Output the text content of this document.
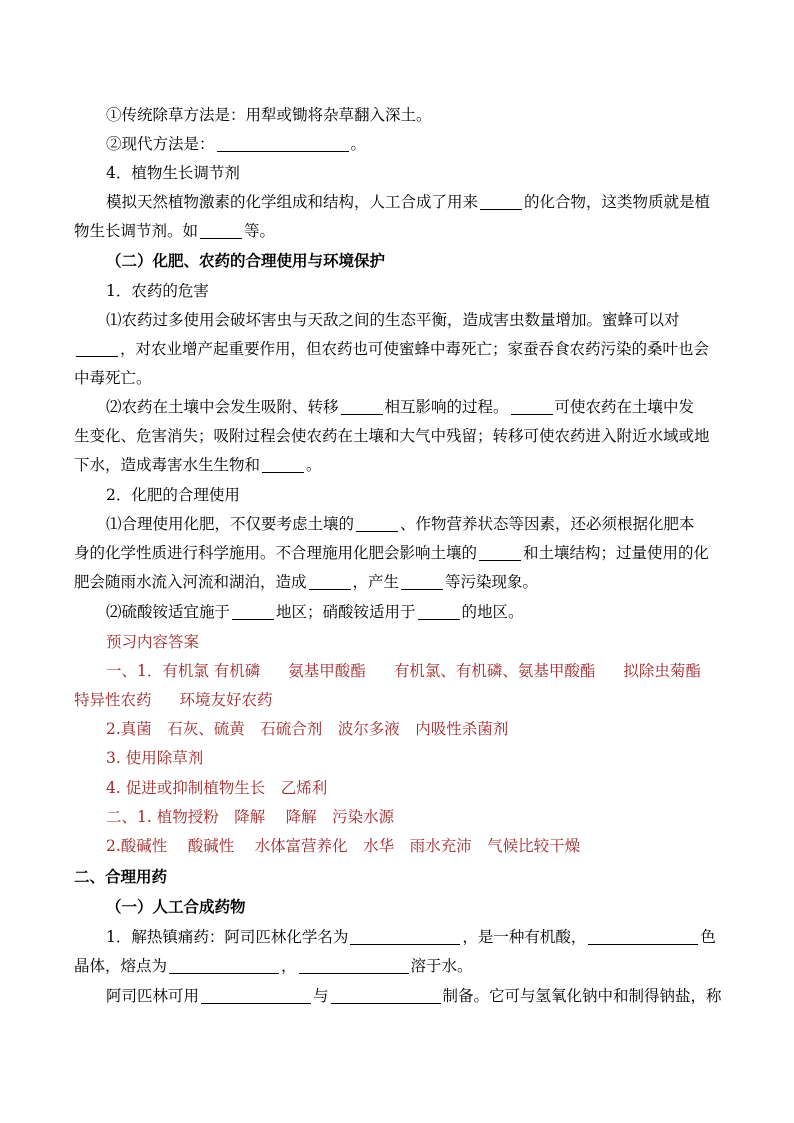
①传统除草方法是：用犁或锄将杂草翻入深土。
②现代方法是：	。
4．植物生长调节剂
模拟天然植物激素的化学组成和结构，人工合成了用来	的化合物，这类物质就是植
物生长调节剂。如	等。
（二）化肥、农药的合理使用与环境保护
1．农药的危害
⑴农药过多使用会破坏害虫与天敌之间的生态平衡，造成害虫数量增加。蜜蜂可以对
，对农业增产起重要作用，但农药也可使蜜蜂中毒死亡；家蚕吞食农药污染的桑叶也会
中毒死亡。
⑵农药在土壤中会发生吸附、转移	相互影响的过程。	可使农药在土壤中发
生变化、危害消失；吸附过程会使农药在土壤和大气中残留；转移可使农药进入附近水域或地
下水，造成毒害水生生物和	。
2．化肥的合理使用
⑴合理使用化肥，不仅要考虑土壤的	、作物营养状态等因素，还必须根据化肥本
身的化学性质进行科学施用。不合理施用化肥会影响土壤的	和土壤结构；过量使用的化
肥会随雨水流入河流和湖泊，造成	，产生	等污染现象。
⑵硫酸铵适宜施于	地区；硝酸铵适用于	的地区。
预习内容答案
一、1．有机氯 有机磷 氨基甲酸酯 有机氯、有机磷、氨基甲酸酯 拟除虫菊酯
特异性农药 环境友好农药
2.真菌　石灰、硫黄　石硫合剂　波尔多液　内吸性杀菌剂
3. 使用除草剂
4. 促进或抑制植物生长　乙烯利
二、1. 植物授粉　降解　 降解　污染水源
2.酸碱性　 酸碱性　 水体富营养化　水华　雨水充沛　气候比较干燥
二、合理用药
（一）人工合成药物
1．解热镇痛药：阿司匹林化学名为	，是一种有机酸，	色
晶体，熔点为	，	溶于水。
阿司匹林可用	与	制备。它可与氢氧化钠中和制得钠盐，称
